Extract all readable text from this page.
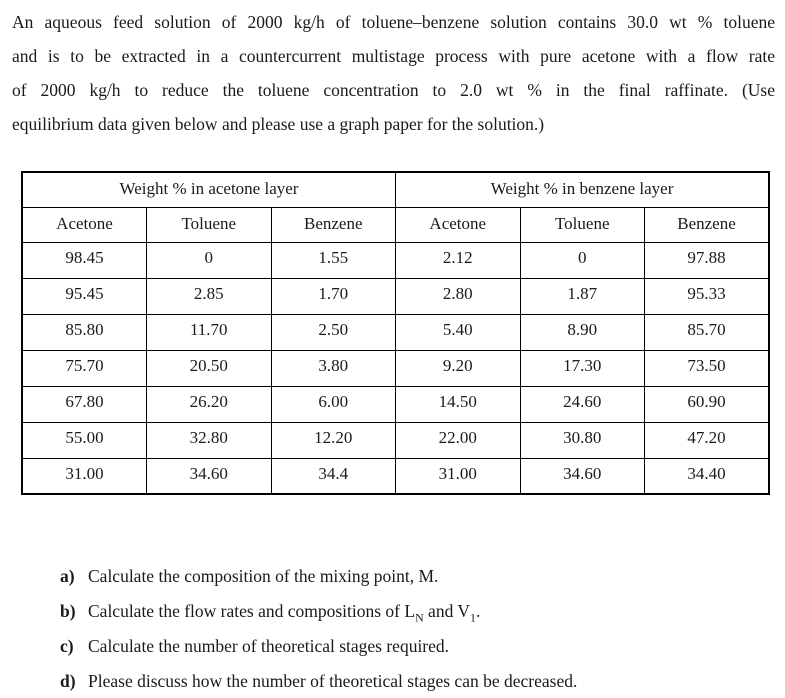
An aqueous feed solution of 2000 kg/h of toluene–benzene solution contains 30.0 wt % toluene
and is to be extracted in a countercurrent multistage process with pure acetone with a flow rate
of 2000 kg/h to reduce the toluene concentration to 2.0 wt % in the final raffinate. (Use
equilibrium data given below and please use a graph paper for the solution.)
Weight % in acetone layer			Weight % in benzene layer		
Acetone	Toluene	Benzene	Acetone	Toluene	Benzene
98.45	0	1.55	2.12	0	97.88
95.45	2.85	1.70	2.80	1.87	95.33
85.80	11.70	2.50	5.40	8.90	85.70
75.70	20.50	3.80	9.20	17.30	73.50
67.80	26.20	6.00	14.50	24.60	60.90
55.00	32.80	12.20	22.00	30.80	47.20
31.00	34.60	34.4	31.00	34.60	34.40
a) Calculate the composition of the mixing point, M.
b) Calculate the flow rates and compositions of $L_N$ and $V_1$.
c) Calculate the number of theoretical stages required.
d) Please discuss how the number of theoretical stages can be decreased.
